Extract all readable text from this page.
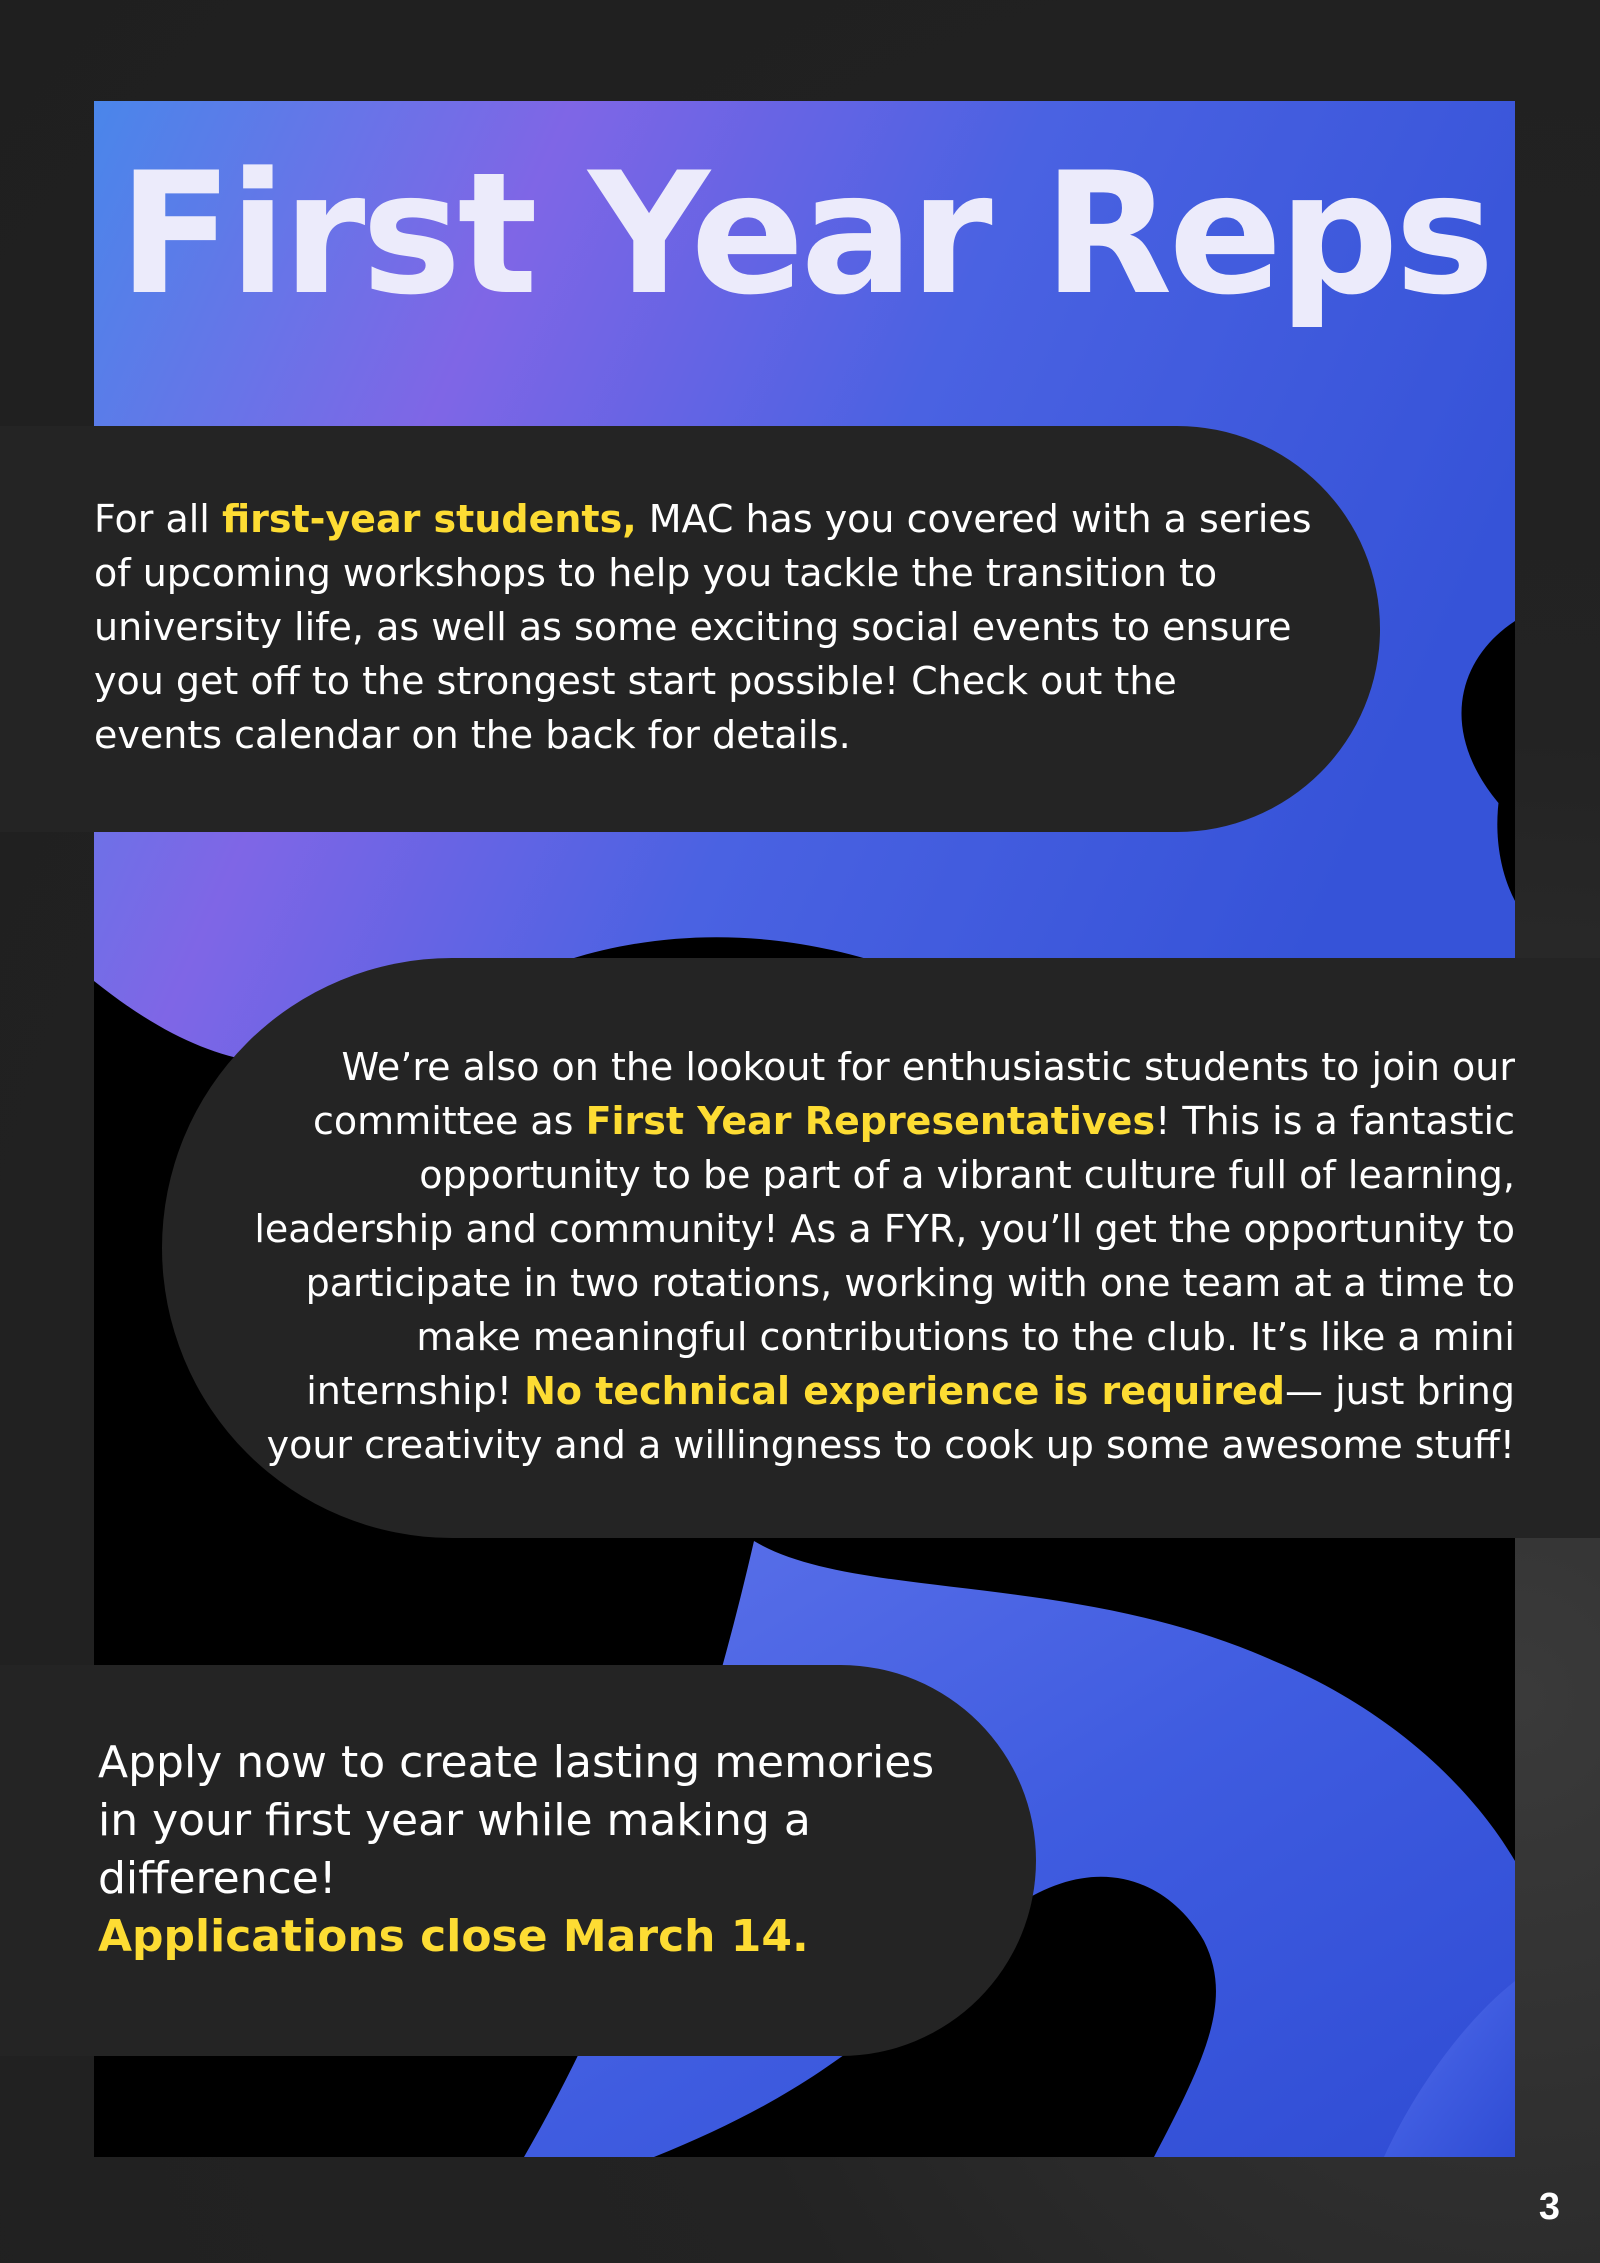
First Year Reps

For all first-year students, MAC has you covered with a series of upcoming workshops to help you tackle the transition to university life, as well as some exciting social events to ensure you get off to the strongest start possible! Check out the events calendar on the back for details.

We’re also on the lookout for enthusiastic students to join our committee as First Year Representatives! This is a fantastic opportunity to be part of a vibrant culture full of learning, leadership and community! As a FYR, you’ll get the opportunity to participate in two rotations, working with one team at a time to make meaningful contributions to the club. It’s like a mini internship! No technical experience is required— just bring your creativity and a willingness to cook up some awesome stuff!

Apply now to create lasting memories in your first year while making a difference!
Applications close March 14.

3
